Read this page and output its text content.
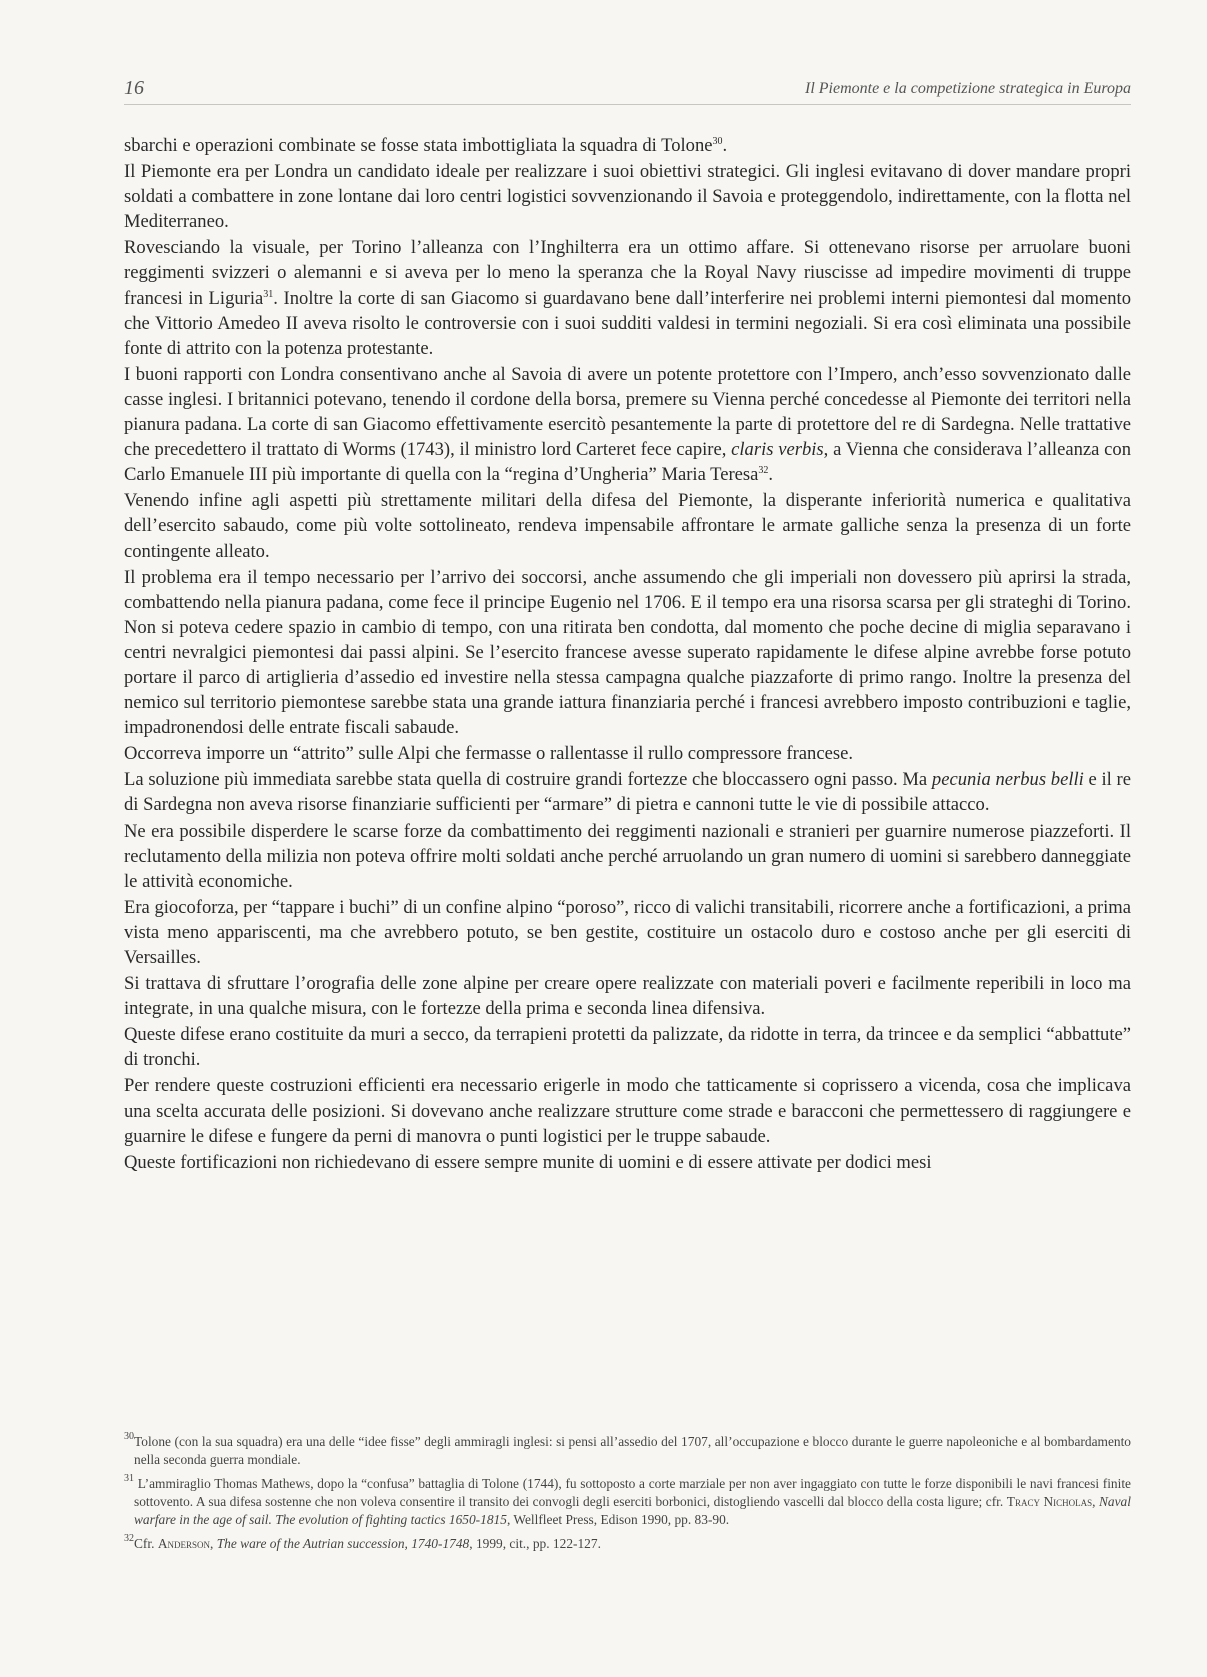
16	Il Piemonte e la competizione strategica in Europa

sbarchi e operazioni combinate se fosse stata imbottigliata la squadra di Tolone$^{30}$.

Il Piemonte era per Londra un candidato ideale per realizzare i suoi obiettivi strategici. Gli inglesi evitavano di dover mandare propri soldati a combattere in zone lontane dai loro centri logistici sovvenzionando il Savoia e proteggendolo, indirettamente, con la flotta nel Mediterraneo.

Rovesciando la visuale, per Torino l’alleanza con l’Inghilterra era un ottimo affare. Si ottenevano risorse per arruolare buoni reggimenti svizzeri o alemanni e si aveva per lo meno la speranza che la Royal Navy riuscisse ad impedire movimenti di truppe francesi in Liguria$^{31}$. Inoltre la corte di san Giacomo si guardavano bene dall’interferire nei problemi interni piemontesi dal momento che Vittorio Amedeo II aveva risolto le controversie con i suoi sudditi valdesi in termini negoziali. Si era così eliminata una possibile fonte di attrito con la potenza protestante.

I buoni rapporti con Londra consentivano anche al Savoia di avere un potente protettore con l’Impero, anch’esso sovvenzionato dalle casse inglesi. I britannici potevano, tenendo il cordone della borsa, premere su Vienna perché concedesse al Piemonte dei territori nella pianura padana. La corte di san Giacomo effettivamente esercitò pesantemente la parte di protettore del re di Sardegna. Nelle trattative che precedettero il trattato di Worms (1743), il ministro lord Carteret fece capire, claris verbis, a Vienna che considerava l’alleanza con Carlo Emanuele III più importante di quella con la “regina d’Ungheria” Maria Teresa$^{32}$.

Venendo infine agli aspetti più strettamente militari della difesa del Piemonte, la disperante inferiorità numerica e qualitativa dell’esercito sabaudo, come più volte sottolineato, rendeva impensabile affrontare le armate galliche senza la presenza di un forte contingente alleato.

Il problema era il tempo necessario per l’arrivo dei soccorsi, anche assumendo che gli imperiali non dovessero più aprirsi la strada, combattendo nella pianura padana, come fece il principe Eugenio nel 1706. E il tempo era una risorsa scarsa per gli strateghi di Torino. Non si poteva cedere spazio in cambio di tempo, con una ritirata ben condotta, dal momento che poche decine di miglia separavano i centri nevralgici piemontesi dai passi alpini. Se l’esercito francese avesse superato rapidamente le difese alpine avrebbe forse potuto portare il parco di artiglieria d’assedio ed investire nella stessa campagna qualche piazzaforte di primo rango. Inoltre la presenza del nemico sul territorio piemontese sarebbe stata una grande iattura finanziaria perché i francesi avrebbero imposto contribuzioni e taglie, impadronendosi delle entrate fiscali sabaude.

Occorreva imporre un “attrito” sulle Alpi che fermasse o rallentasse il rullo compressore francese.

La soluzione più immediata sarebbe stata quella di costruire grandi fortezze che bloccassero ogni passo. Ma pecunia nerbus belli e il re di Sardegna non aveva risorse finanziarie sufficienti per “armare” di pietra e cannoni tutte le vie di possibile attacco.

Ne era possibile disperdere le scarse forze da combattimento dei reggimenti nazionali e stranieri per guarnire numerose piazzeforti. Il reclutamento della milizia non poteva offrire molti soldati anche perché arruolando un gran numero di uomini si sarebbero danneggiate le attività economiche.

Era giocoforza, per “tappare i buchi” di un confine alpino “poroso”, ricco di valichi transitabili, ricorrere anche a fortificazioni, a prima vista meno appariscenti, ma che avrebbero potuto, se ben gestite, costituire un ostacolo duro e costoso anche per gli eserciti di Versailles.

Si trattava di sfruttare l’orografia delle zone alpine per creare opere realizzate con materiali poveri e facilmente reperibili in loco ma integrate, in una qualche misura, con le fortezze della prima e seconda linea difensiva.

Queste difese erano costituite da muri a secco, da terrapieni protetti da palizzate, da ridotte in terra, da trincee e da semplici “abbattute” di tronchi.

Per rendere queste costruzioni efficienti era necessario erigerle in modo che tatticamente si coprissero a vicenda, cosa che implicava una scelta accurata delle posizioni. Si dovevano anche realizzare strutture come strade e baracconi che permettessero di raggiungere e guarnire le difese e fungere da perni di manovra o punti logistici per le truppe sabaude.

Queste fortificazioni non richiedevano di essere sempre munite di uomini e di essere attivate per dodici mesi

$^{30}$Tolone (con la sua squadra) era una delle “idee fisse” degli ammiragli inglesi: si pensi all’assedio del 1707, all’occupazione e blocco durante le guerre napoleoniche e al bombardamento nella seconda guerra mondiale.
$^{31}$ L’ammiraglio Thomas Mathews, dopo la “confusa” battaglia di Tolone (1744), fu sottoposto a corte marziale per non aver ingaggiato con tutte le forze disponibili le navi francesi finite sottovento. A sua difesa sostenne che non voleva consentire il transito dei convogli degli eserciti borbonici, distogliendo vascelli dal blocco della costa ligure; cfr. Tracy Nicholas, Naval warfare in the age of sail. The evolution of fighting tactics 1650-1815, Wellfleet Press, Edison 1990, pp. 83-90.
$^{32}$Cfr. Anderson, The ware of the Autrian succession, 1740-1748, 1999, cit., pp. 122-127.
